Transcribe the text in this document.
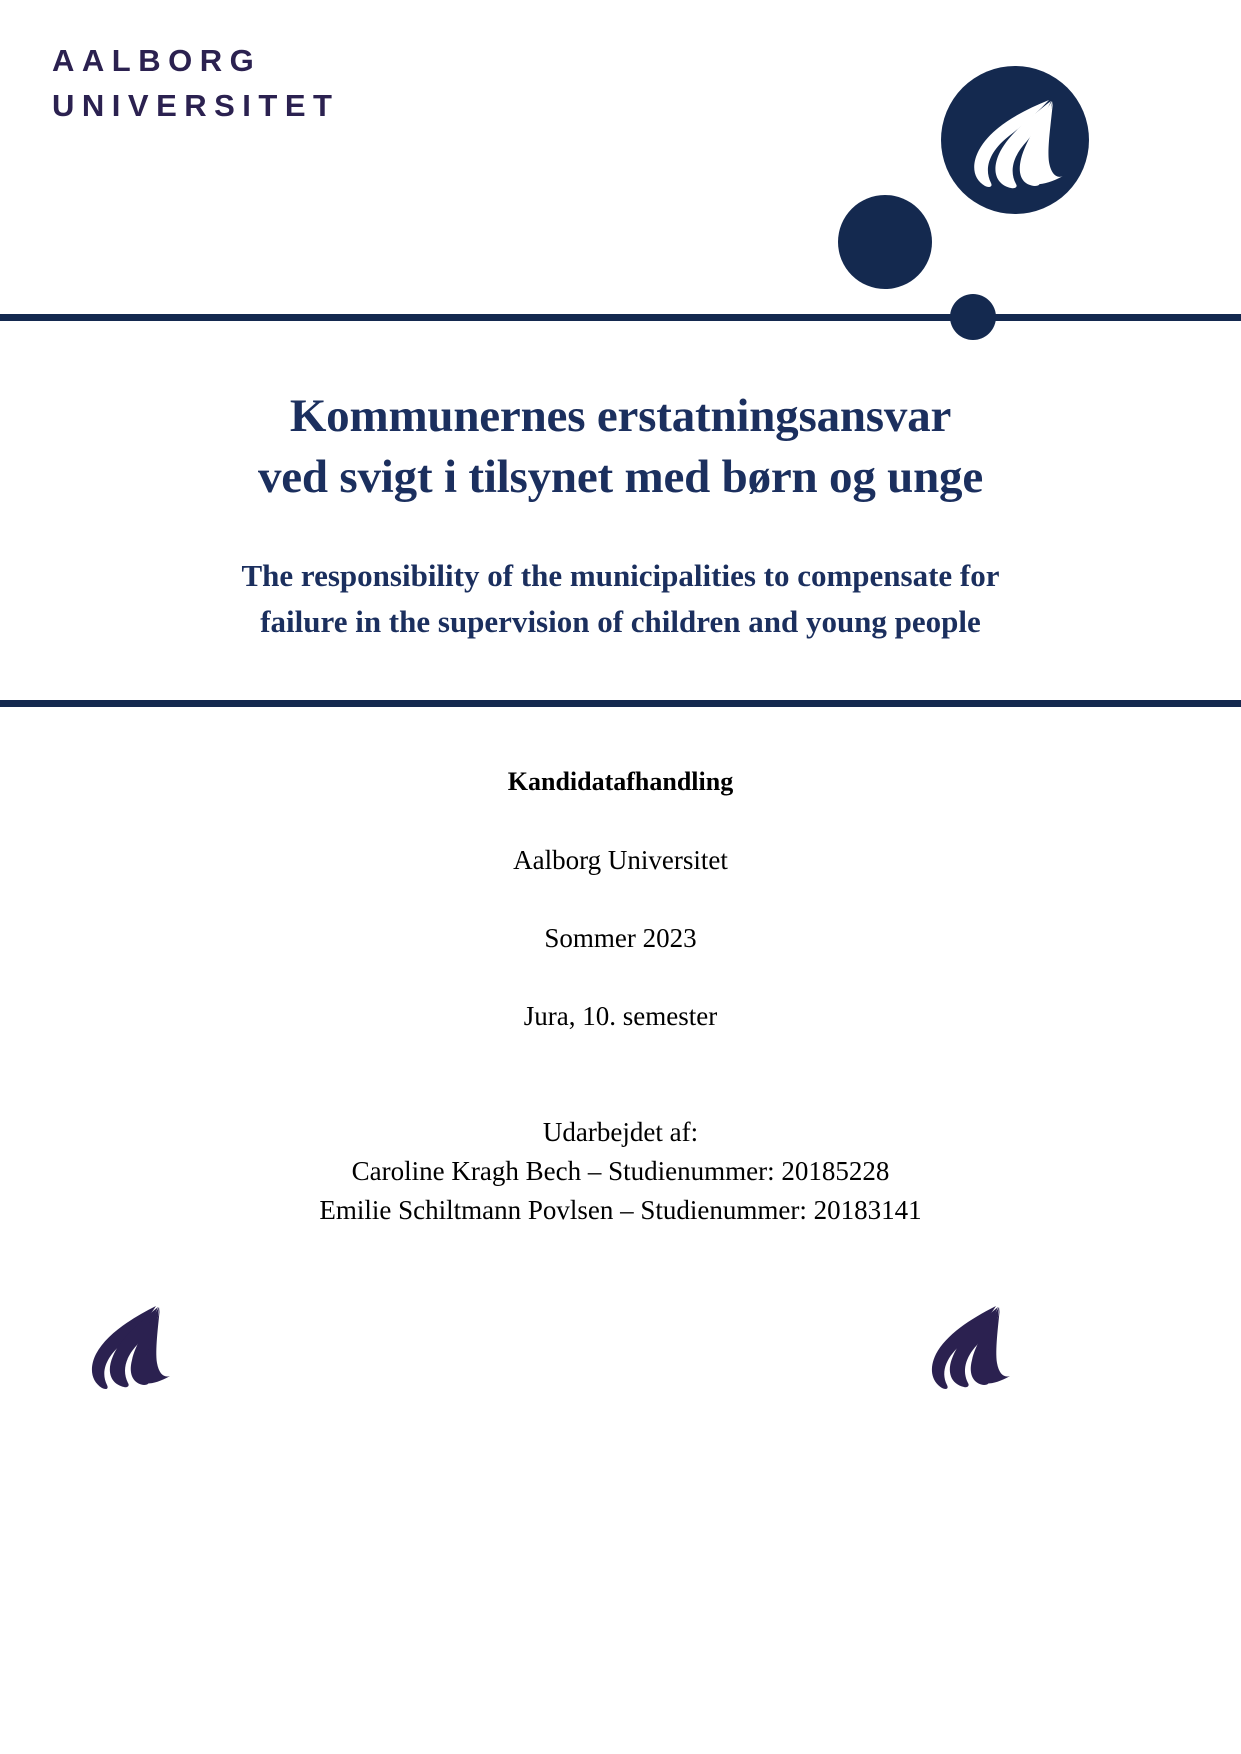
AALBORG
UNIVERSITET
Kommunernes erstatningsansvar
ved svigt i tilsynet med børn og unge
The responsibility of the municipalities to compensate for
failure in the supervision of children and young people
Kandidatafhandling
Aalborg Universitet
Sommer 2023
Jura, 10. semester
Udarbejdet af:
Caroline Kragh Bech – Studienummer: 20185228
Emilie Schiltmann Povlsen – Studienummer: 20183141
